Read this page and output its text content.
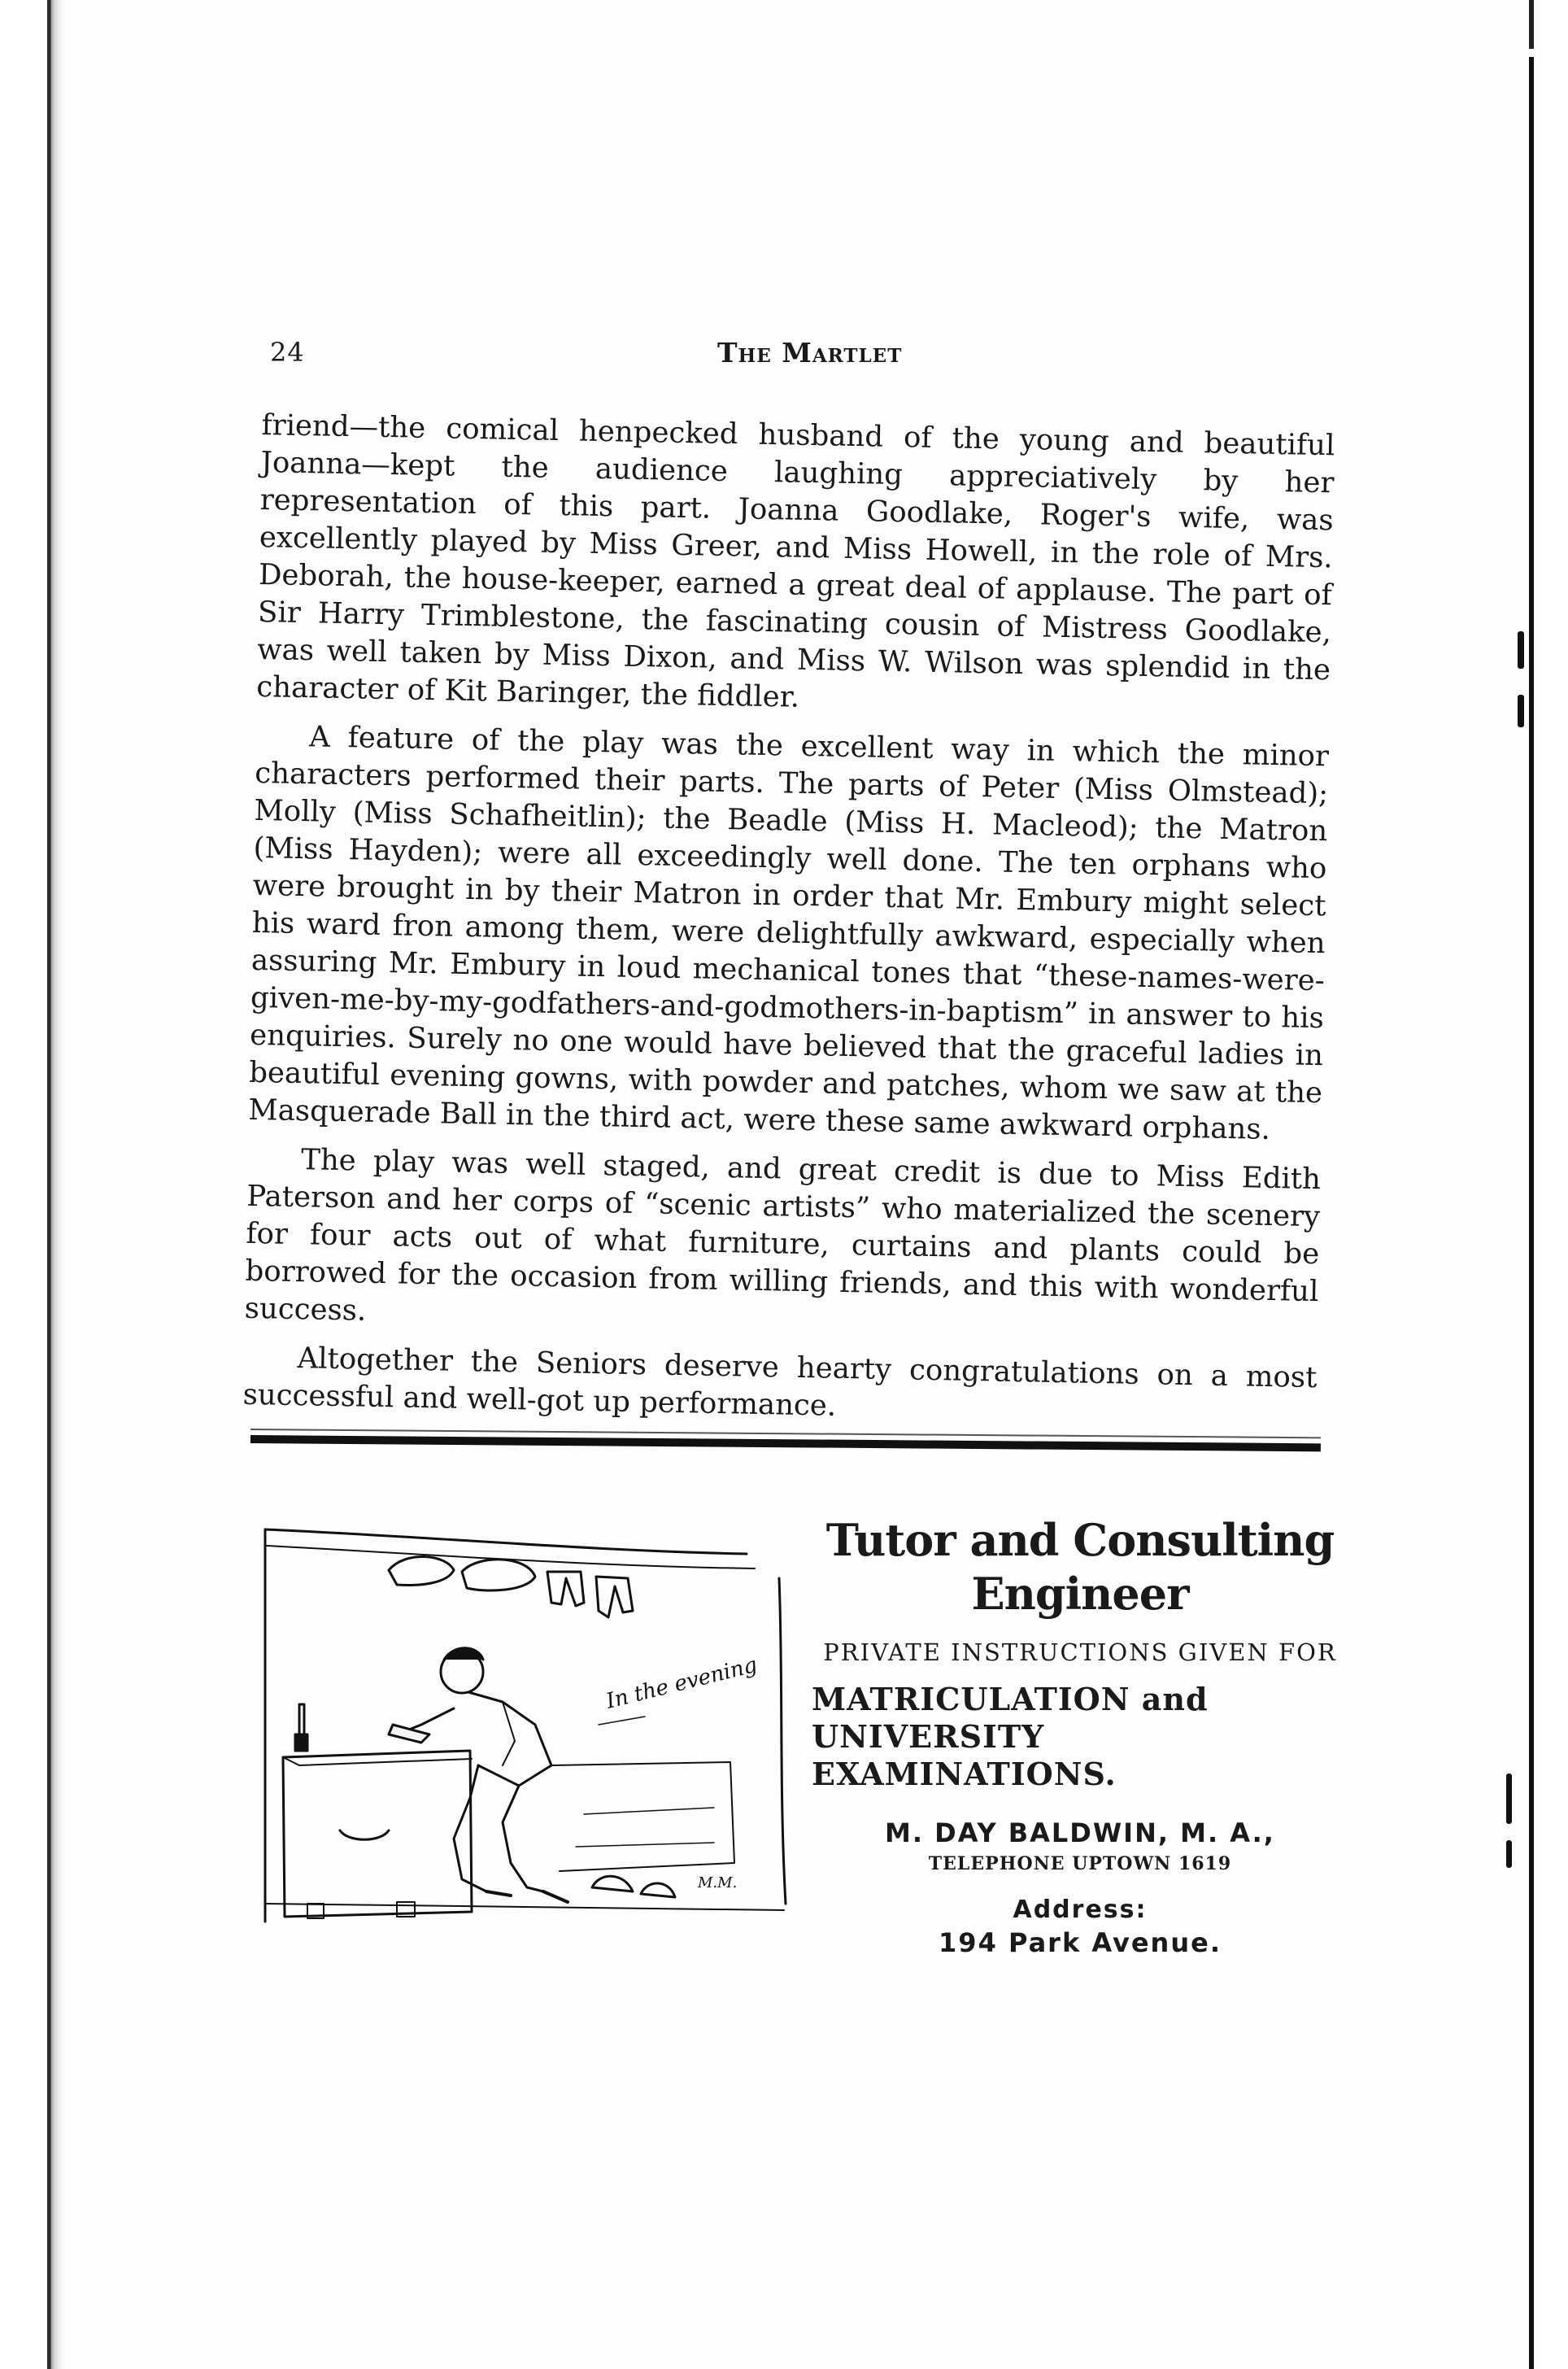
24	The Martlet

friend—the comical henpecked husband of the young and beautiful Joanna—kept the audience laughing appreciatively by her representation of this part. Joanna Goodlake, Roger's wife, was excellently played by Miss Greer, and Miss Howell, in the role of Mrs. Deborah, the house-keeper, earned a great deal of applause. The part of Sir Harry Trimblestone, the fascinating cousin of Mistress Goodlake, was well taken by Miss Dixon, and Miss W. Wilson was splendid in the character of Kit Baringer, the fiddler.

A feature of the play was the excellent way in which the minor characters performed their parts. The parts of Peter (Miss Olmstead); Molly (Miss Schafheitlin); the Beadle (Miss H. Macleod); the Matron (Miss Hayden); were all exceedingly well done. The ten orphans who were brought in by their Matron in order that Mr. Embury might select his ward fron among them, were delightfully awkward, especially when assuring Mr. Embury in loud mechanical tones that “these-names-were-given-me-by-my-godfathers-and-godmothers-in-baptism” in answer to his enquiries. Surely no one would have believed that the graceful ladies in beautiful evening gowns, with powder and patches, whom we saw at the Masquerade Ball in the third act, were these same awkward orphans.

The play was well staged, and great credit is due to Miss Edith Paterson and her corps of “scenic artists” who materialized the scenery for four acts out of what furniture, curtains and plants could be borrowed for the occasion from willing friends, and this with wonderful success.

Altogether the Seniors deserve hearty congratulations on a most successful and well-got up performance.

In the evening
M.M.
Tutor and Consulting
Engineer
PRIVATE INSTRUCTIONS GIVEN FOR
MATRICULATION and
UNIVERSITY EXAMINATIONS.
M. DAY BALDWIN, M. A.,
TELEPHONE UPTOWN 1619
Address:
194 Park Avenue.
